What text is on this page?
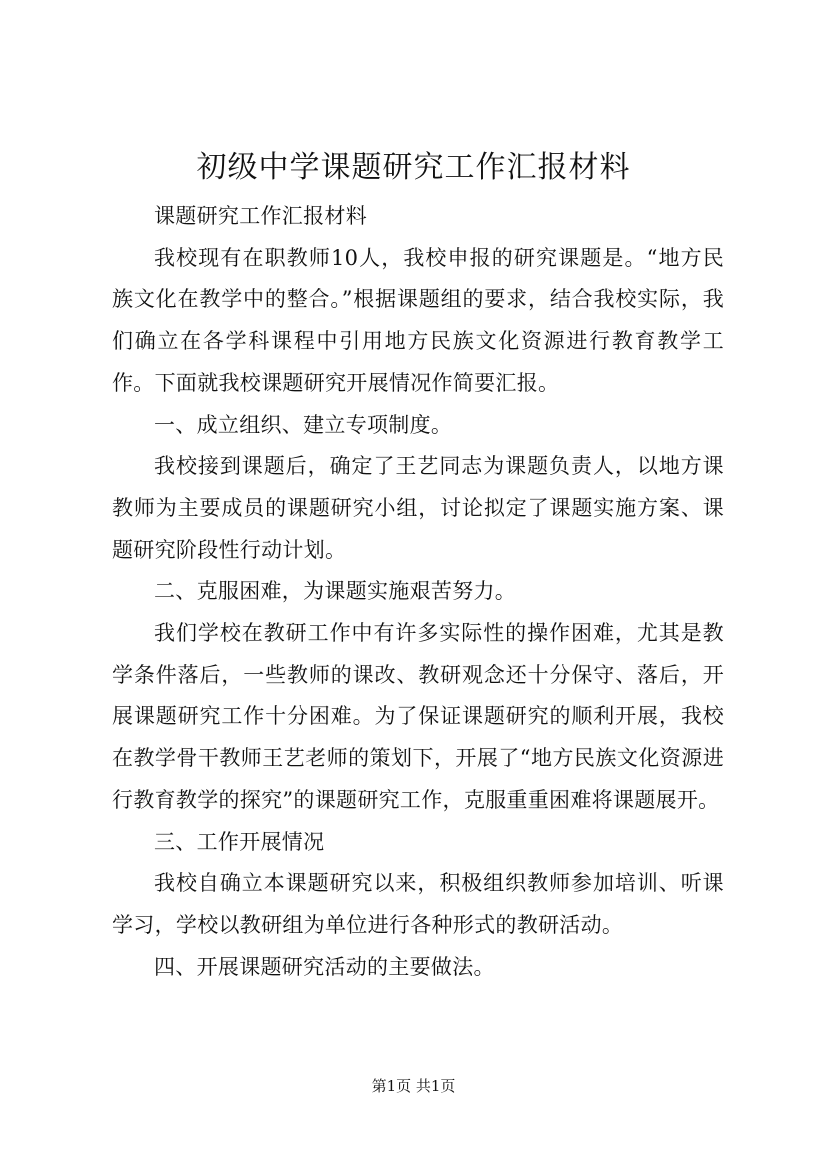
初级中学课题研究工作汇报材料

课题研究工作汇报材料

我校现有在职教师10人，我校申报的研究课题是。“地方民族文化在教学中的整合。”根据课题组的要求，结合我校实际，我们确立在各学科课程中引用地方民族文化资源进行教育教学工作。下面就我校课题研究开展情况作简要汇报。

一、成立组织、建立专项制度。

我校接到课题后，确定了王艺同志为课题负责人，以地方课教师为主要成员的课题研究小组，讨论拟定了课题实施方案、课题研究阶段性行动计划。

二、克服困难，为课题实施艰苦努力。

我们学校在教研工作中有许多实际性的操作困难，尤其是教学条件落后，一些教师的课改、教研观念还十分保守、落后，开展课题研究工作十分困难。为了保证课题研究的顺利开展，我校在教学骨干教师王艺老师的策划下，开展了“地方民族文化资源进行教育教学的探究”的课题研究工作，克服重重困难将课题展开。

三、工作开展情况

我校自确立本课题研究以来，积极组织教师参加培训、听课学习，学校以教研组为单位进行各种形式的教研活动。

四、开展课题研究活动的主要做法。

第1页 共1页
